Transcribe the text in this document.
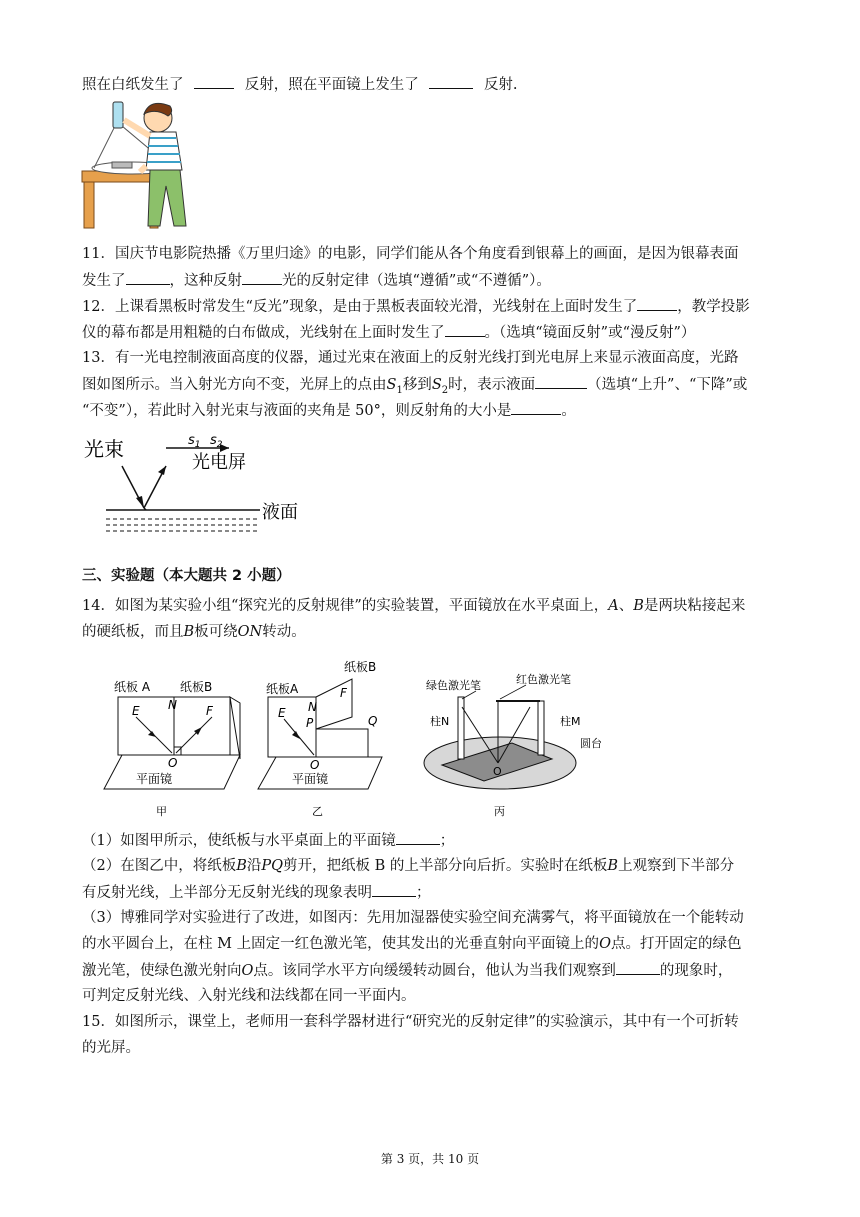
照在白纸发生了	反射，照在平面镜上发生了	反射.
11．国庆节电影院热播《万里归途》的电影，同学们能从各个角度看到银幕上的画面，是因为银幕表面
发生了	，这种反射	光的反射定律（选填“遵循”或“不遵循”）。
12．上课看黑板时常发生“反光”现象，是由于黑板表面较光滑，光线射在上面时发生了	，教学投影
仪的幕布都是用粗糙的白布做成，光线射在上面时发生了	。（选填“镜面反射”或“漫反射”）
13．有一光电控制液面高度的仪器，通过光束在液面上的反射光线打到光电屏上来显示液面高度，光路
图如图所示。当入射光方向不变，光屏上的点由$S_1$移到$S_2$时，表示液面	（选填“上升”、“下降”或
“不变”），若此时入射光束与液面的夹角是 50°，则反射角的大小是	。
光束	$s_1$ $s_2$
光电屏
液面
三、实验题（本大题共 2 小题）
14．如图为某实验小组“探究光的反射规律”的实验装置，平面镜放在水平桌面上，A、B是两块粘接起来
的硬纸板，而且B板可绕ON转动。
纸板 A 纸板B
E N F
O
平面镜
甲
纸板B
纸板A
E N
F
P	Q
O
平面镜
乙
绿色激光笔	红色激光笔
柱N	柱M
圆台
O
丙
（1）如图甲所示，使纸板与水平桌面上的平面镜	；
（2）在图乙中，将纸板B沿PQ剪开，把纸板 B 的上半部分向后折。实验时在纸板B上观察到下半部分
有反射光线，上半部分无反射光线的现象表明	；
（3）博雅同学对实验进行了改进，如图丙：先用加湿器使实验空间充满雾气，将平面镜放在一个能转动
的水平圆台上，在柱 M 上固定一红色激光笔，使其发出的光垂直射向平面镜上的O点。打开固定的绿色
激光笔，使绿色激光射向O点。该同学水平方向缓缓转动圆台，他认为当我们观察到	的现象时，
可判定反射光线、入射光线和法线都在同一平面内。
15．如图所示，课堂上，老师用一套科学器材进行“研究光的反射定律”的实验演示，其中有一个可折转
的光屏。
第 3 页，共 10 页
